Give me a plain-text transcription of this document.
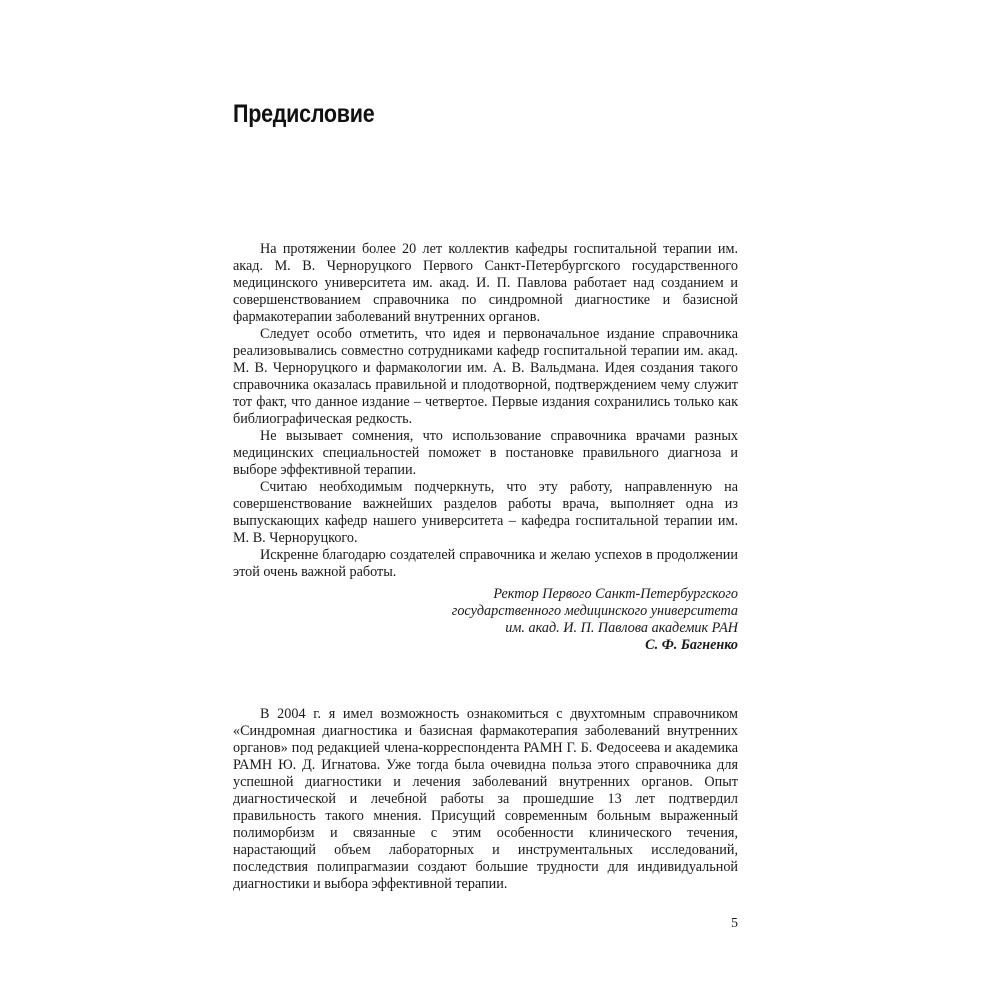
Предисловие

На протяжении более 20 лет коллектив кафедры госпитальной терапии им. акад. М. В. Черноруцкого Первого Санкт-Петербургского государственного медицинского университета им. акад. И. П. Павлова работает над созданием и совершенствованием справочника по синдромной диагностике и базисной фармакотерапии заболеваний внутренних органов.

Следует особо отметить, что идея и первоначальное издание справочника реализовывались совместно сотрудниками кафедр госпитальной терапии им. акад. М. В. Черноруцкого и фармакологии им. А. В. Вальдмана. Идея создания такого справочника оказалась правильной и плодотворной, подтверждением чему служит тот факт, что данное издание – четвертое. Первые издания сохранились только как библиографическая редкость.

Не вызывает сомнения, что использование справочника врачами разных медицинских специальностей поможет в постановке правильного диагноза и выборе эффективной терапии.

Считаю необходимым подчеркнуть, что эту работу, направленную на совершенствование важнейших разделов работы врача, выполняет одна из выпускающих кафедр нашего университета – кафедра госпитальной терапии им. М. В. Черноруцкого.

Искренне благодарю создателей справочника и желаю успехов в продолжении этой очень важной работы.

Ректор Первого Санкт-Петербургского
государственного медицинского университета
им. акад. И. П. Павлова академик РАН
С. Ф. Багненко

В 2004 г. я имел возможность ознакомиться с двухтомным справочником «Синдромная диагностика и базисная фармакотерапия заболеваний внутренних органов» под редакцией члена-корреспондента РАМН Г. Б. Федосеева и академика РАМН Ю. Д. Игнатова. Уже тогда была очевидна польза этого справочника для успешной диагностики и лечения заболеваний внутренних органов. Опыт диагностической и лечебной работы за прошедшие 13 лет подтвердил правильность такого мнения. Присущий современным больным выраженный полиморбизм и связанные с этим особенности клинического течения, нарастающий объем лабораторных и инструментальных исследований, последствия полипрагмазии создают большие трудности для индивидуальной диагностики и выбора эффективной терапии.

5
